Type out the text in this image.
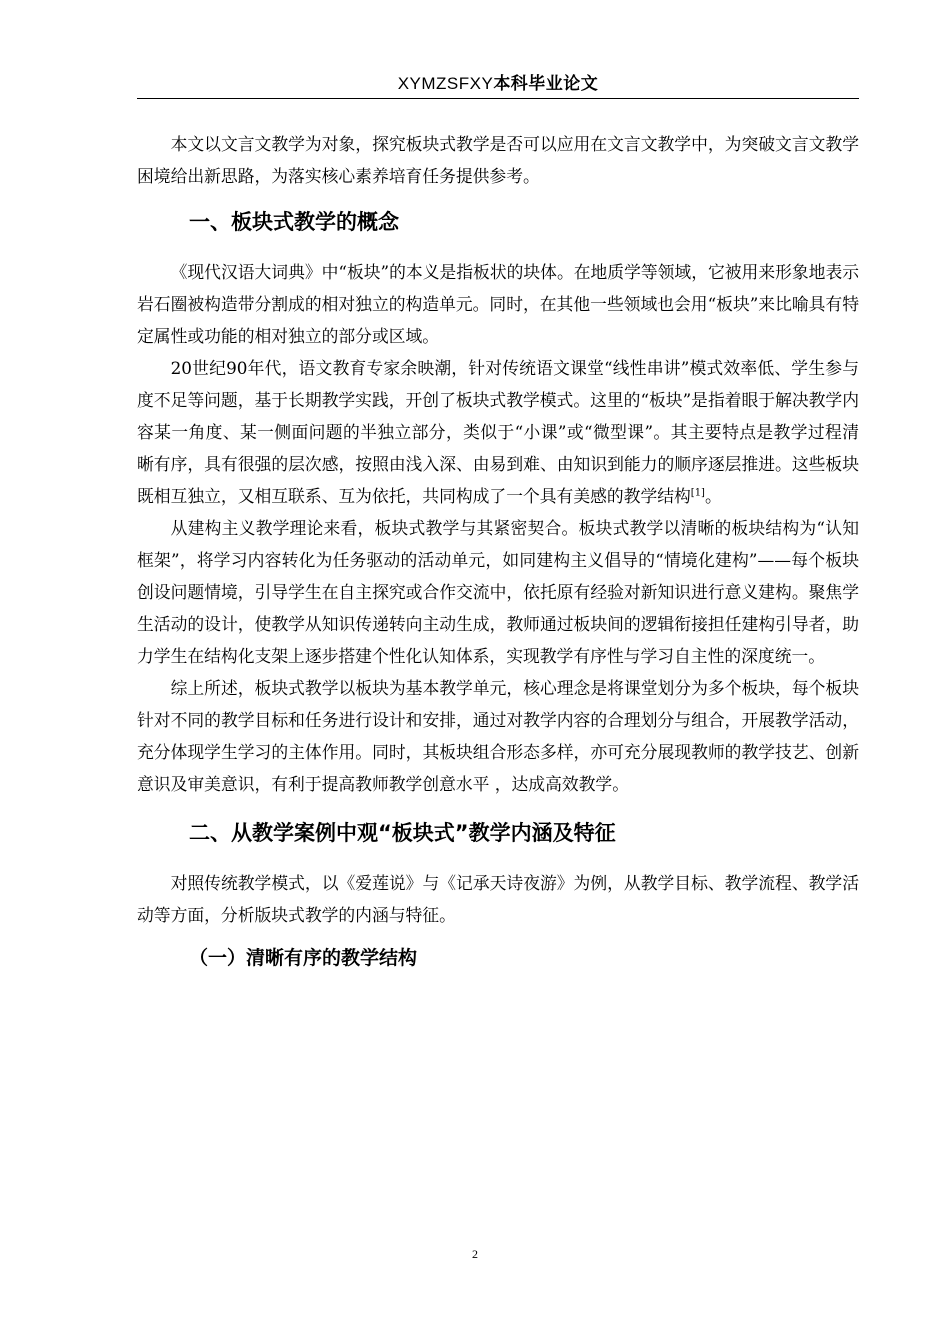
XYMZSFXY本科毕业论文

本文以文言文教学为对象，探究板块式教学是否可以应用在文言文教学中，为突破文言文教学困境给出新思路，为落实核心素养培育任务提供参考。

一、板块式教学的概念

《现代汉语大词典》中“板块”的本义是指板状的块体。在地质学等领域，它被用来形象地表示岩石圈被构造带分割成的相对独立的构造单元。同时，在其他一些领域也会用“板块”来比喻具有特定属性或功能的相对独立的部分或区域。

20世纪90年代，语文教育专家余映潮，针对传统语文课堂“线性串讲”模式效率低、学生参与度不足等问题，基于长期教学实践，开创了板块式教学模式。这里的“板块”是指着眼于解决教学内容某一角度、某一侧面问题的半独立部分，类似于“小课”或“微型课”。其主要特点是教学过程清晰有序，具有很强的层次感，按照由浅入深、由易到难、由知识到能力的顺序逐层推进。这些板块既相互独立，又相互联系、互为依托，共同构成了一个具有美感的教学结构[1]。

从建构主义教学理论来看，板块式教学与其紧密契合。板块式教学以清晰的板块结构为“认知框架”，将学习内容转化为任务驱动的活动单元，如同建构主义倡导的“情境化建构”——每个板块创设问题情境，引导学生在自主探究或合作交流中，依托原有经验对新知识进行意义建构。聚焦学生活动的设计，使教学从知识传递转向主动生成，教师通过板块间的逻辑衔接担任建构引导者，助力学生在结构化支架上逐步搭建个性化认知体系，实现教学有序性与学习自主性的深度统一。

综上所述，板块式教学以板块为基本教学单元，核心理念是将课堂划分为多个板块，每个板块针对不同的教学目标和任务进行设计和安排，通过对教学内容的合理划分与组合，开展教学活动，充分体现学生学习的主体作用。同时，其板块组合形态多样，亦可充分展现教师的教学技艺、创新意识及审美意识，有利于提高教师教学创意水平 ，达成高效教学。

二、从教学案例中观“板块式”教学内涵及特征

对照传统教学模式，以《爱莲说》与《记承天诗夜游》为例，从教学目标、教学流程、教学活动等方面，分析版块式教学的内涵与特征。

（一）清晰有序的教学结构
2
